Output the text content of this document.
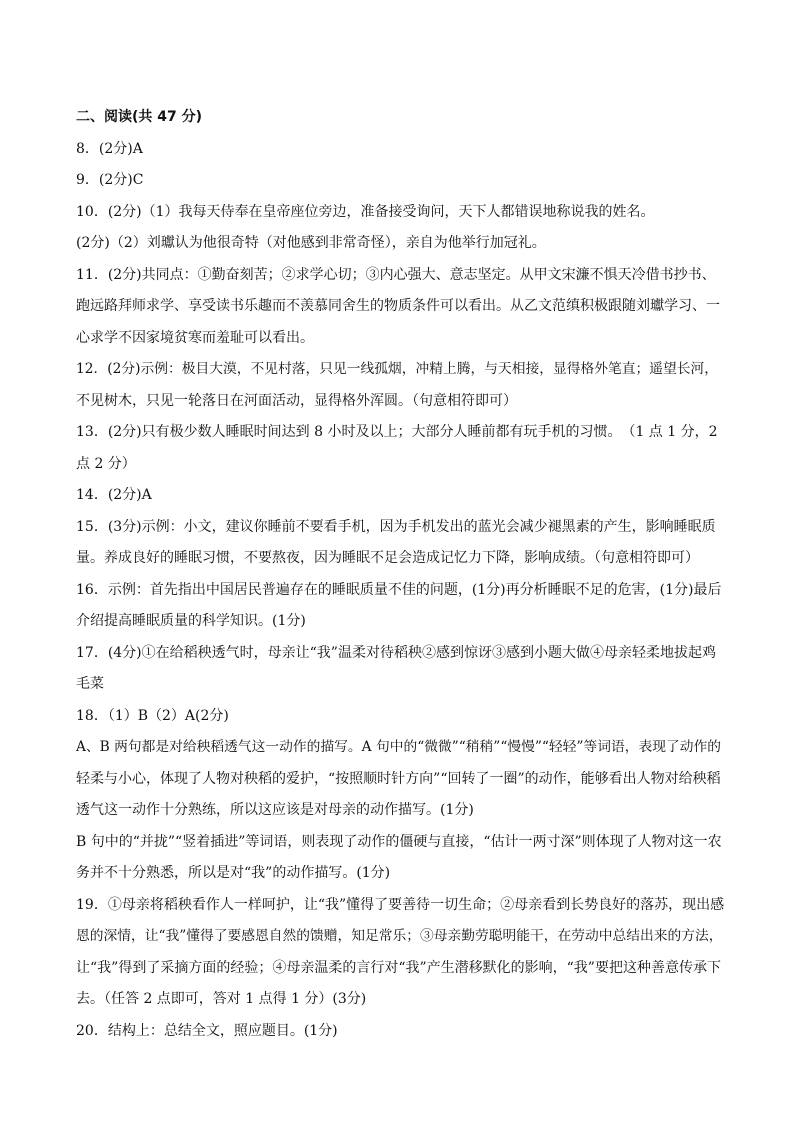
二、阅读(共 47 分)
8．(2分)A
9．(2分)C
10．(2分)（1）我每天侍奉在皇帝座位旁边，准备接受询问，天下人都错误地称说我的姓名。
(2分)（2）刘瓛认为他很奇特（对他感到非常奇怪），亲自为他举行加冠礼。
11．(2分)共同点：①勤奋刻苦；②求学心切；③内心强大、意志坚定。从甲文宋濂不惧天冷借书抄书、
跑远路拜师求学、享受读书乐趣而不羡慕同舍生的物质条件可以看出。从乙文范缜积极跟随刘瓛学习、一
心求学不因家境贫寒而羞耻可以看出。
12．(2分)示例：极目大漠，不见村落，只见一线孤烟，冲精上腾，与天相接，显得格外笔直；遥望长河，
不见树木，只见一轮落日在河面活动，显得格外浑圆。（句意相符即可）
13．(2分)只有极少数人睡眠时间达到 8 小时及以上；大部分人睡前都有玩手机的习惯。　（1 点 1 分，2
点 2 分）
14．(2分)A
15．(3分)示例：小文，建议你睡前不要看手机，因为手机发出的蓝光会减少褪黑素的产生，影响睡眠质
量。养成良好的睡眠习惯，不要熬夜，因为睡眠不足会造成记忆力下降，影响成绩。（句意相符即可）
16．示例：首先指出中国居民普遍存在的睡眠质量不佳的问题，(1分)再分析睡眠不足的危害，(1分)最后
介绍提高睡眠质量的科学知识。(1分)
17．(4分)①在给稻秧透气时，母亲让“我”温柔对待稻秧②感到惊讶③感到小题大做④母亲轻柔地拔起鸡
毛菜
18．（1）B（2）A(2分)
A、B 两句都是对给秧稻透气这一动作的描写。A 句中的“微微”“稍稍”“慢慢”“轻轻”等词语，表现了动作的
轻柔与小心，体现了人物对秧稻的爱护，“按照顺时针方向”“回转了一圈”的动作，能够看出人物对给秧稻
透气这一动作十分熟练，所以这应该是对母亲的动作描写。(1分)
B 句中的“并拢”“竖着插进”等词语，则表现了动作的僵硬与直接，“估计一两寸深”则体现了人物对这一农
务并不十分熟悉，所以是对“我”的动作描写。(1分)
19．①母亲将稻秧看作人一样呵护，让“我”懂得了要善待一切生命；②母亲看到长势良好的落苏，现出感
恩的深情，让“我”懂得了要感恩自然的馈赠，知足常乐；③母亲勤劳聪明能干，在劳动中总结出来的方法，
让“我”得到了采摘方面的经验；④母亲温柔的言行对“我”产生潜移默化的影响，“我”要把这种善意传承下
去。（任答 2 点即可，答对 1 点得 1 分）(3分)
20．结构上：总结全文，照应题目。(1分)
